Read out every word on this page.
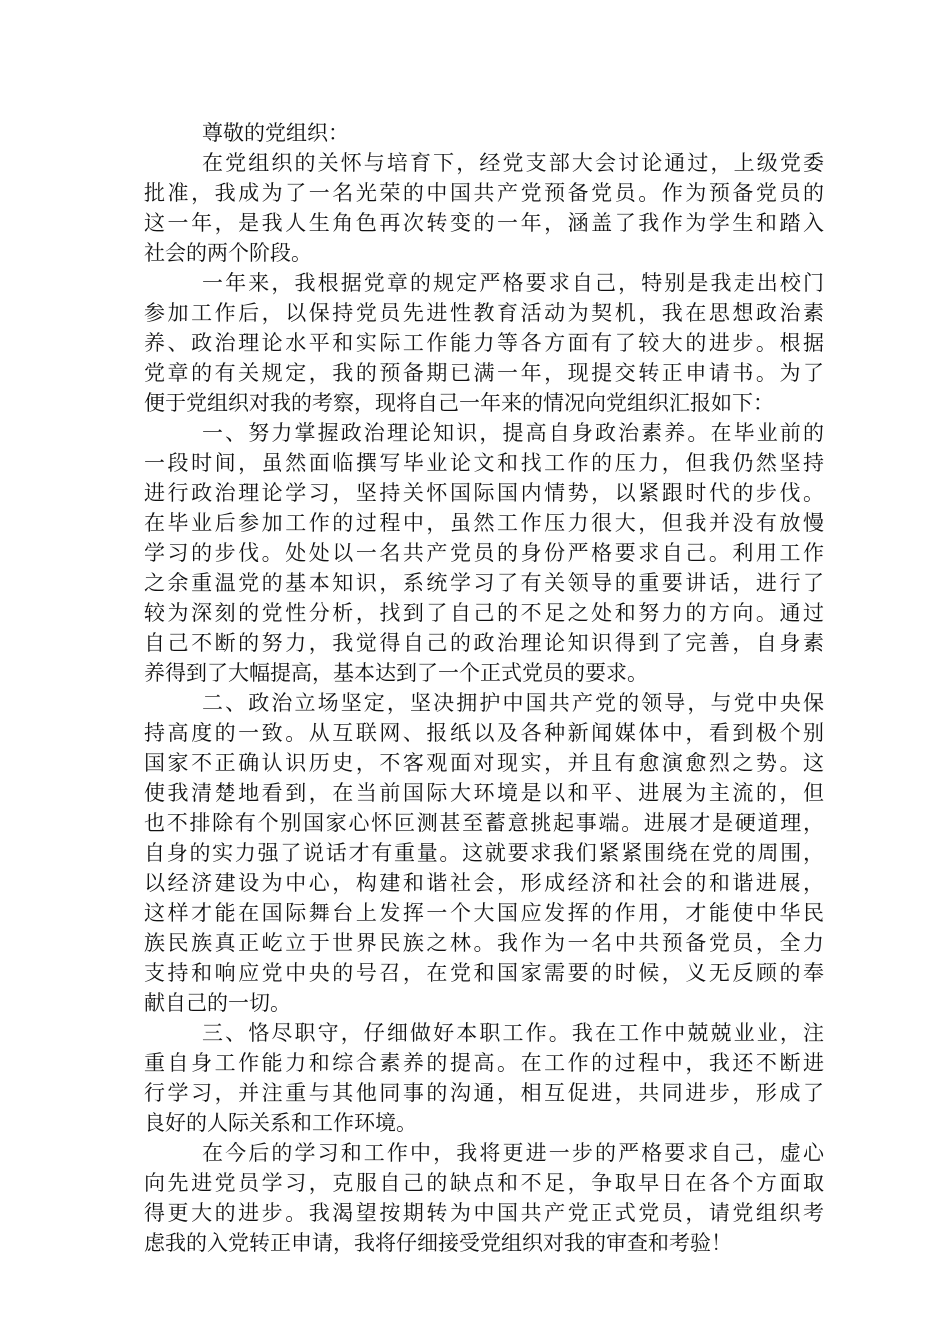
尊敬的党组织：
在党组织的关怀与培育下，经党支部大会讨论通过，上级党委
批准，我成为了一名光荣的中国共产党预备党员。作为预备党员的
这一年，是我人生角色再次转变的一年，涵盖了我作为学生和踏入
社会的两个阶段。
一年来，我根据党章的规定严格要求自己，特别是我走出校门
参加工作后，以保持党员先进性教育活动为契机，我在思想政治素
养、政治理论水平和实际工作能力等各方面有了较大的进步。根据
党章的有关规定，我的预备期已满一年，现提交转正申请书。为了
便于党组织对我的考察，现将自己一年来的情况向党组织汇报如下：
一、努力掌握政治理论知识，提高自身政治素养。在毕业前的
一段时间，虽然面临撰写毕业论文和找工作的压力，但我仍然坚持
进行政治理论学习，坚持关怀国际国内情势，以紧跟时代的步伐。
在毕业后参加工作的过程中，虽然工作压力很大，但我并没有放慢
学习的步伐。处处以一名共产党员的身份严格要求自己。利用工作
之余重温党的基本知识，系统学习了有关领导的重要讲话，进行了
较为深刻的党性分析，找到了自己的不足之处和努力的方向。通过
自己不断的努力，我觉得自己的政治理论知识得到了完善，自身素
养得到了大幅提高，基本达到了一个正式党员的要求。
二、政治立场坚定，坚决拥护中国共产党的领导，与党中央保
持高度的一致。从互联网、报纸以及各种新闻媒体中，看到极个别
国家不正确认识历史，不客观面对现实，并且有愈演愈烈之势。这
使我清楚地看到，在当前国际大环境是以和平、进展为主流的，但
也不排除有个别国家心怀叵测甚至蓄意挑起事端。进展才是硬道理，
自身的实力强了说话才有重量。这就要求我们紧紧围绕在党的周围，
以经济建设为中心，构建和谐社会，形成经济和社会的和谐进展，
这样才能在国际舞台上发挥一个大国应发挥的作用，才能使中华民
族民族真正屹立于世界民族之林。我作为一名中共预备党员，全力
支持和响应党中央的号召，在党和国家需要的时候，义无反顾的奉
献自己的一切。
三、恪尽职守，仔细做好本职工作。我在工作中兢兢业业，注
重自身工作能力和综合素养的提高。在工作的过程中，我还不断进
行学习，并注重与其他同事的沟通，相互促进，共同进步，形成了
良好的人际关系和工作环境。
在今后的学习和工作中，我将更进一步的严格要求自己，虚心
向先进党员学习，克服自己的缺点和不足，争取早日在各个方面取
得更大的进步。我渴望按期转为中国共产党正式党员，请党组织考
虑我的入党转正申请，我将仔细接受党组织对我的审查和考验！
